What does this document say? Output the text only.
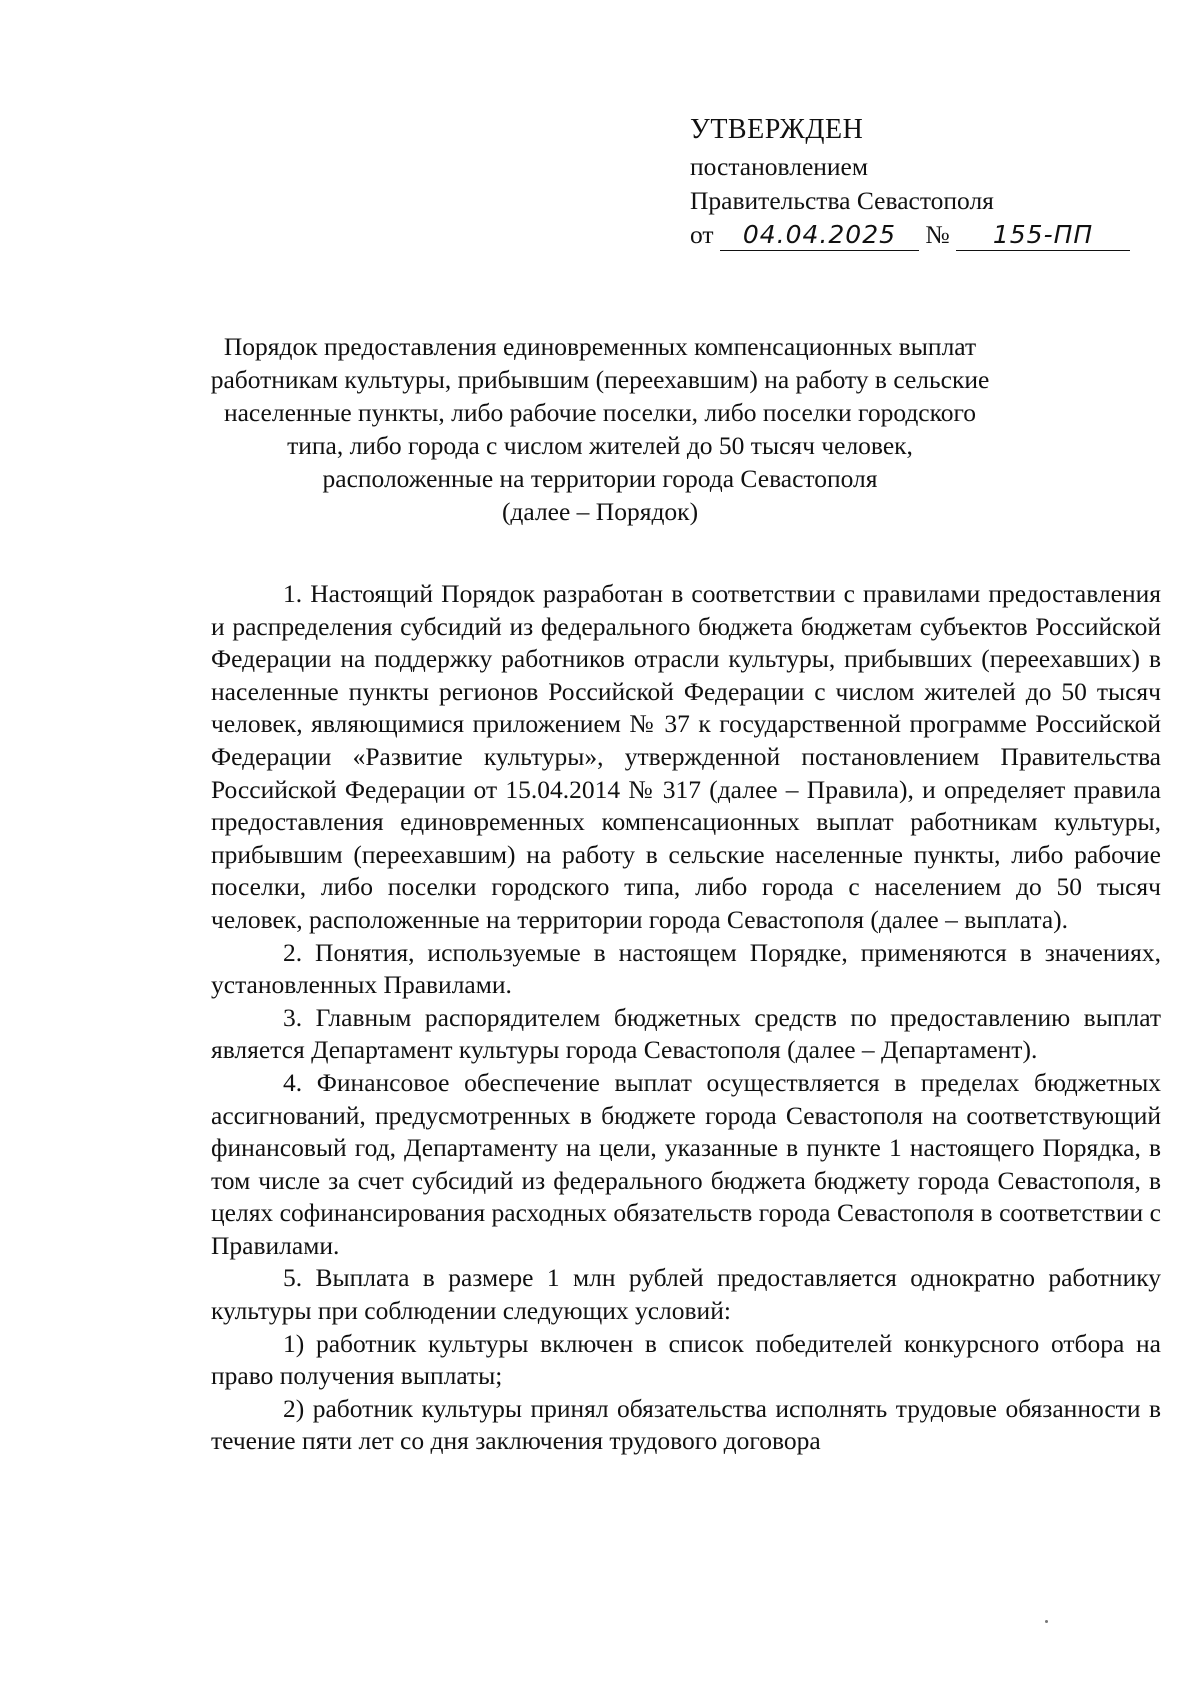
УТВЕРЖДЕН
постановлением
Правительства Севастополя
от 04.04.2025 № 155-ПП
Порядок предоставления единовременных компенсационных выплат работникам культуры, прибывшим (переехавшим) на работу в сельские населенные пункты, либо рабочие поселки, либо поселки городского типа, либо города с числом жителей до 50 тысяч человек, расположенные на территории города Севастополя
(далее – Порядок)

1. Настоящий Порядок разработан в соответствии с правилами предоставления и распределения субсидий из федерального бюджета бюджетам субъектов Российской Федерации на поддержку работников отрасли культуры, прибывших (переехавших) в населенные пункты регионов Российской Федерации с числом жителей до 50 тысяч человек, являющимися приложением № 37 к государственной программе Российской Федерации «Развитие культуры», утвержденной постановлением Правительства Российской Федерации от 15.04.2014 № 317 (далее – Правила), и определяет правила предоставления единовременных компенсационных выплат работникам культуры, прибывшим (переехавшим) на работу в сельские населенные пункты, либо рабочие поселки, либо поселки городского типа, либо города с населением до 50 тысяч человек, расположенные на территории города Севастополя (далее – выплата).

2. Понятия, используемые в настоящем Порядке, применяются в значениях, установленных Правилами.

3. Главным распорядителем бюджетных средств по предоставлению выплат является Департамент культуры города Севастополя (далее – Департамент).

4. Финансовое обеспечение выплат осуществляется в пределах бюджетных ассигнований, предусмотренных в бюджете города Севастополя на соответствующий финансовый год, Департаменту на цели, указанные в пункте 1 настоящего Порядка, в том числе за счет субсидий из федерального бюджета бюджету города Севастополя, в целях софинансирования расходных обязательств города Севастополя в соответствии с Правилами.

5. Выплата в размере 1 млн рублей предоставляется однократно работнику культуры при соблюдении следующих условий:

1) работник культуры включен в список победителей конкурсного отбора на право получения выплаты;

2) работник культуры принял обязательства исполнять трудовые обязанности в течение пяти лет со дня заключения трудового договора
